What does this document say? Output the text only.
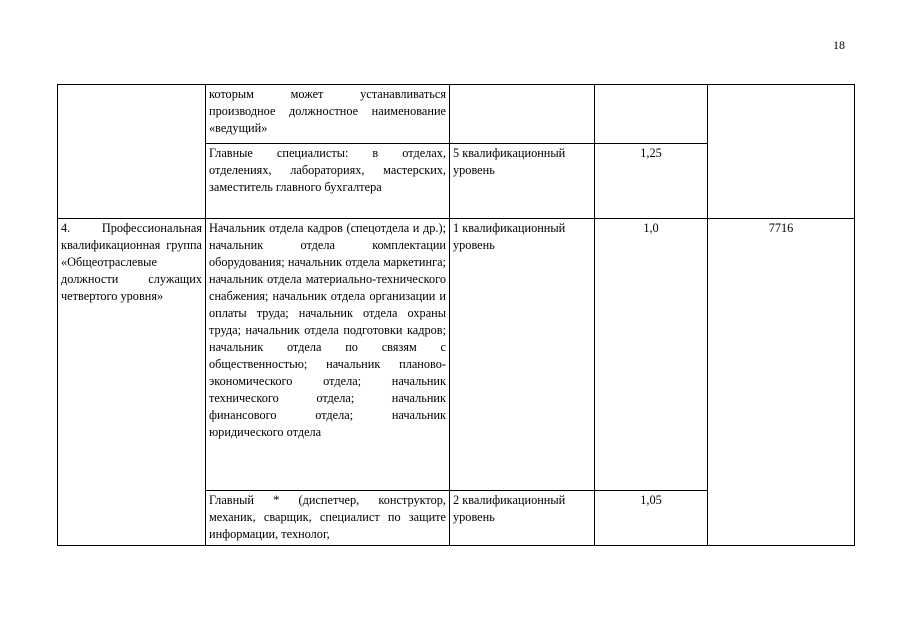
18
	которым может устанавливаться производное должностное наименование «ведущий»			
	Главные специалисты: в отделах, отделениях, лабораториях, мастерских, заместитель главного бухгалтера	5 квалификационный уровень	1,25	
4. Профессиональная квалификационная группа «Общеотраслевые должности служащих четвертого уровня»	Начальник отдела кадров (спецотдела и др.); начальник отдела комплектации оборудования; начальник отдела маркетинга; начальник отдела материально-технического снабжения; начальник отдела организации и оплаты труда; начальник отдела охраны труда; начальник отдела подготовки кадров; начальник отдела по связям с общественностью; начальник планово-экономического отдела; начальник технического отдела; начальник финансового отдела; начальник юридического отдела	1 квалификационный уровень	1,0	7716

	Главный * (диспетчер, конструктор, механик, сварщик, специалист по защите информации, технолог,	2 квалификационный уровень	1,05	
